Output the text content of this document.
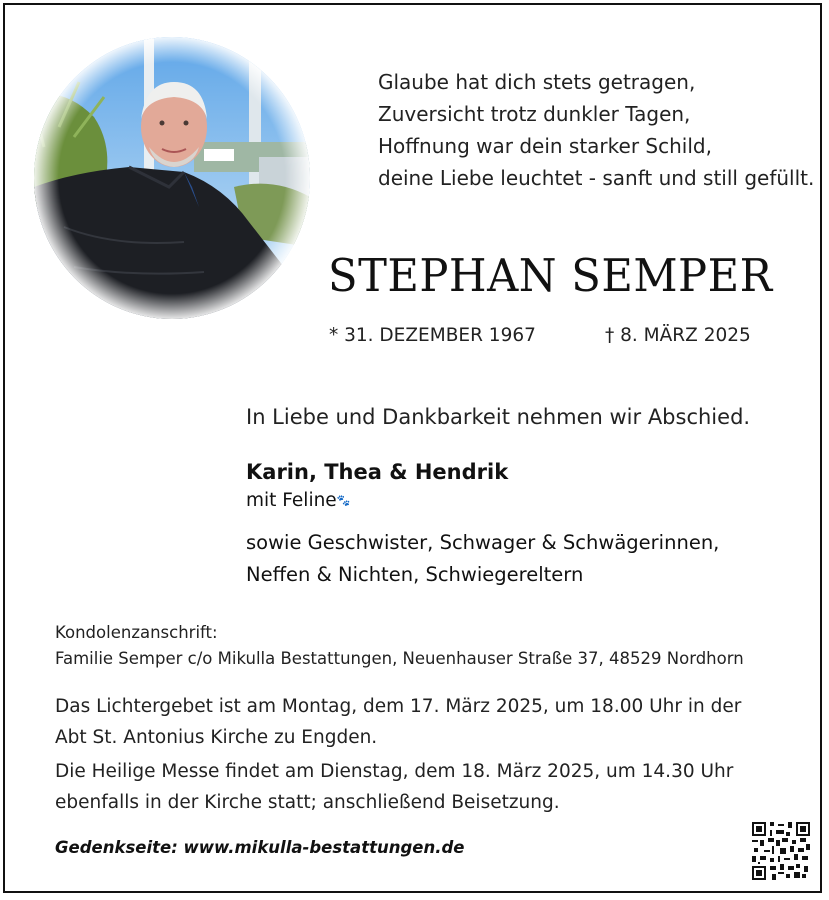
Glaube hat dich stets getragen,
Zuversicht trotz dunkler Tagen,
Hoffnung war dein starker Schild,
deine Liebe leuchtet - sanft und still gefüllt.
STEPHAN SEMPER
* 31. DEZEMBER 1967	† 8. MÄRZ 2025
In Liebe und Dankbarkeit nehmen wir Abschied.
Karin, Thea & Hendrik
mit Feline🐾
sowie Geschwister, Schwager & Schwägerinnen,
Neffen & Nichten, Schwiegereltern
Kondolenzanschrift:
Familie Semper c/o Mikulla Bestattungen, Neuenhauser Straße 37, 48529 Nordhorn
Das Lichtergebet ist am Montag, dem 17. März 2025, um 18.00 Uhr in der
Abt St. Antonius Kirche zu Engden.
Die Heilige Messe findet am Dienstag, dem 18. März 2025, um 14.30 Uhr
ebenfalls in der Kirche statt; anschließend Beisetzung.
Gedenkseite: www.mikulla-bestattungen.de
